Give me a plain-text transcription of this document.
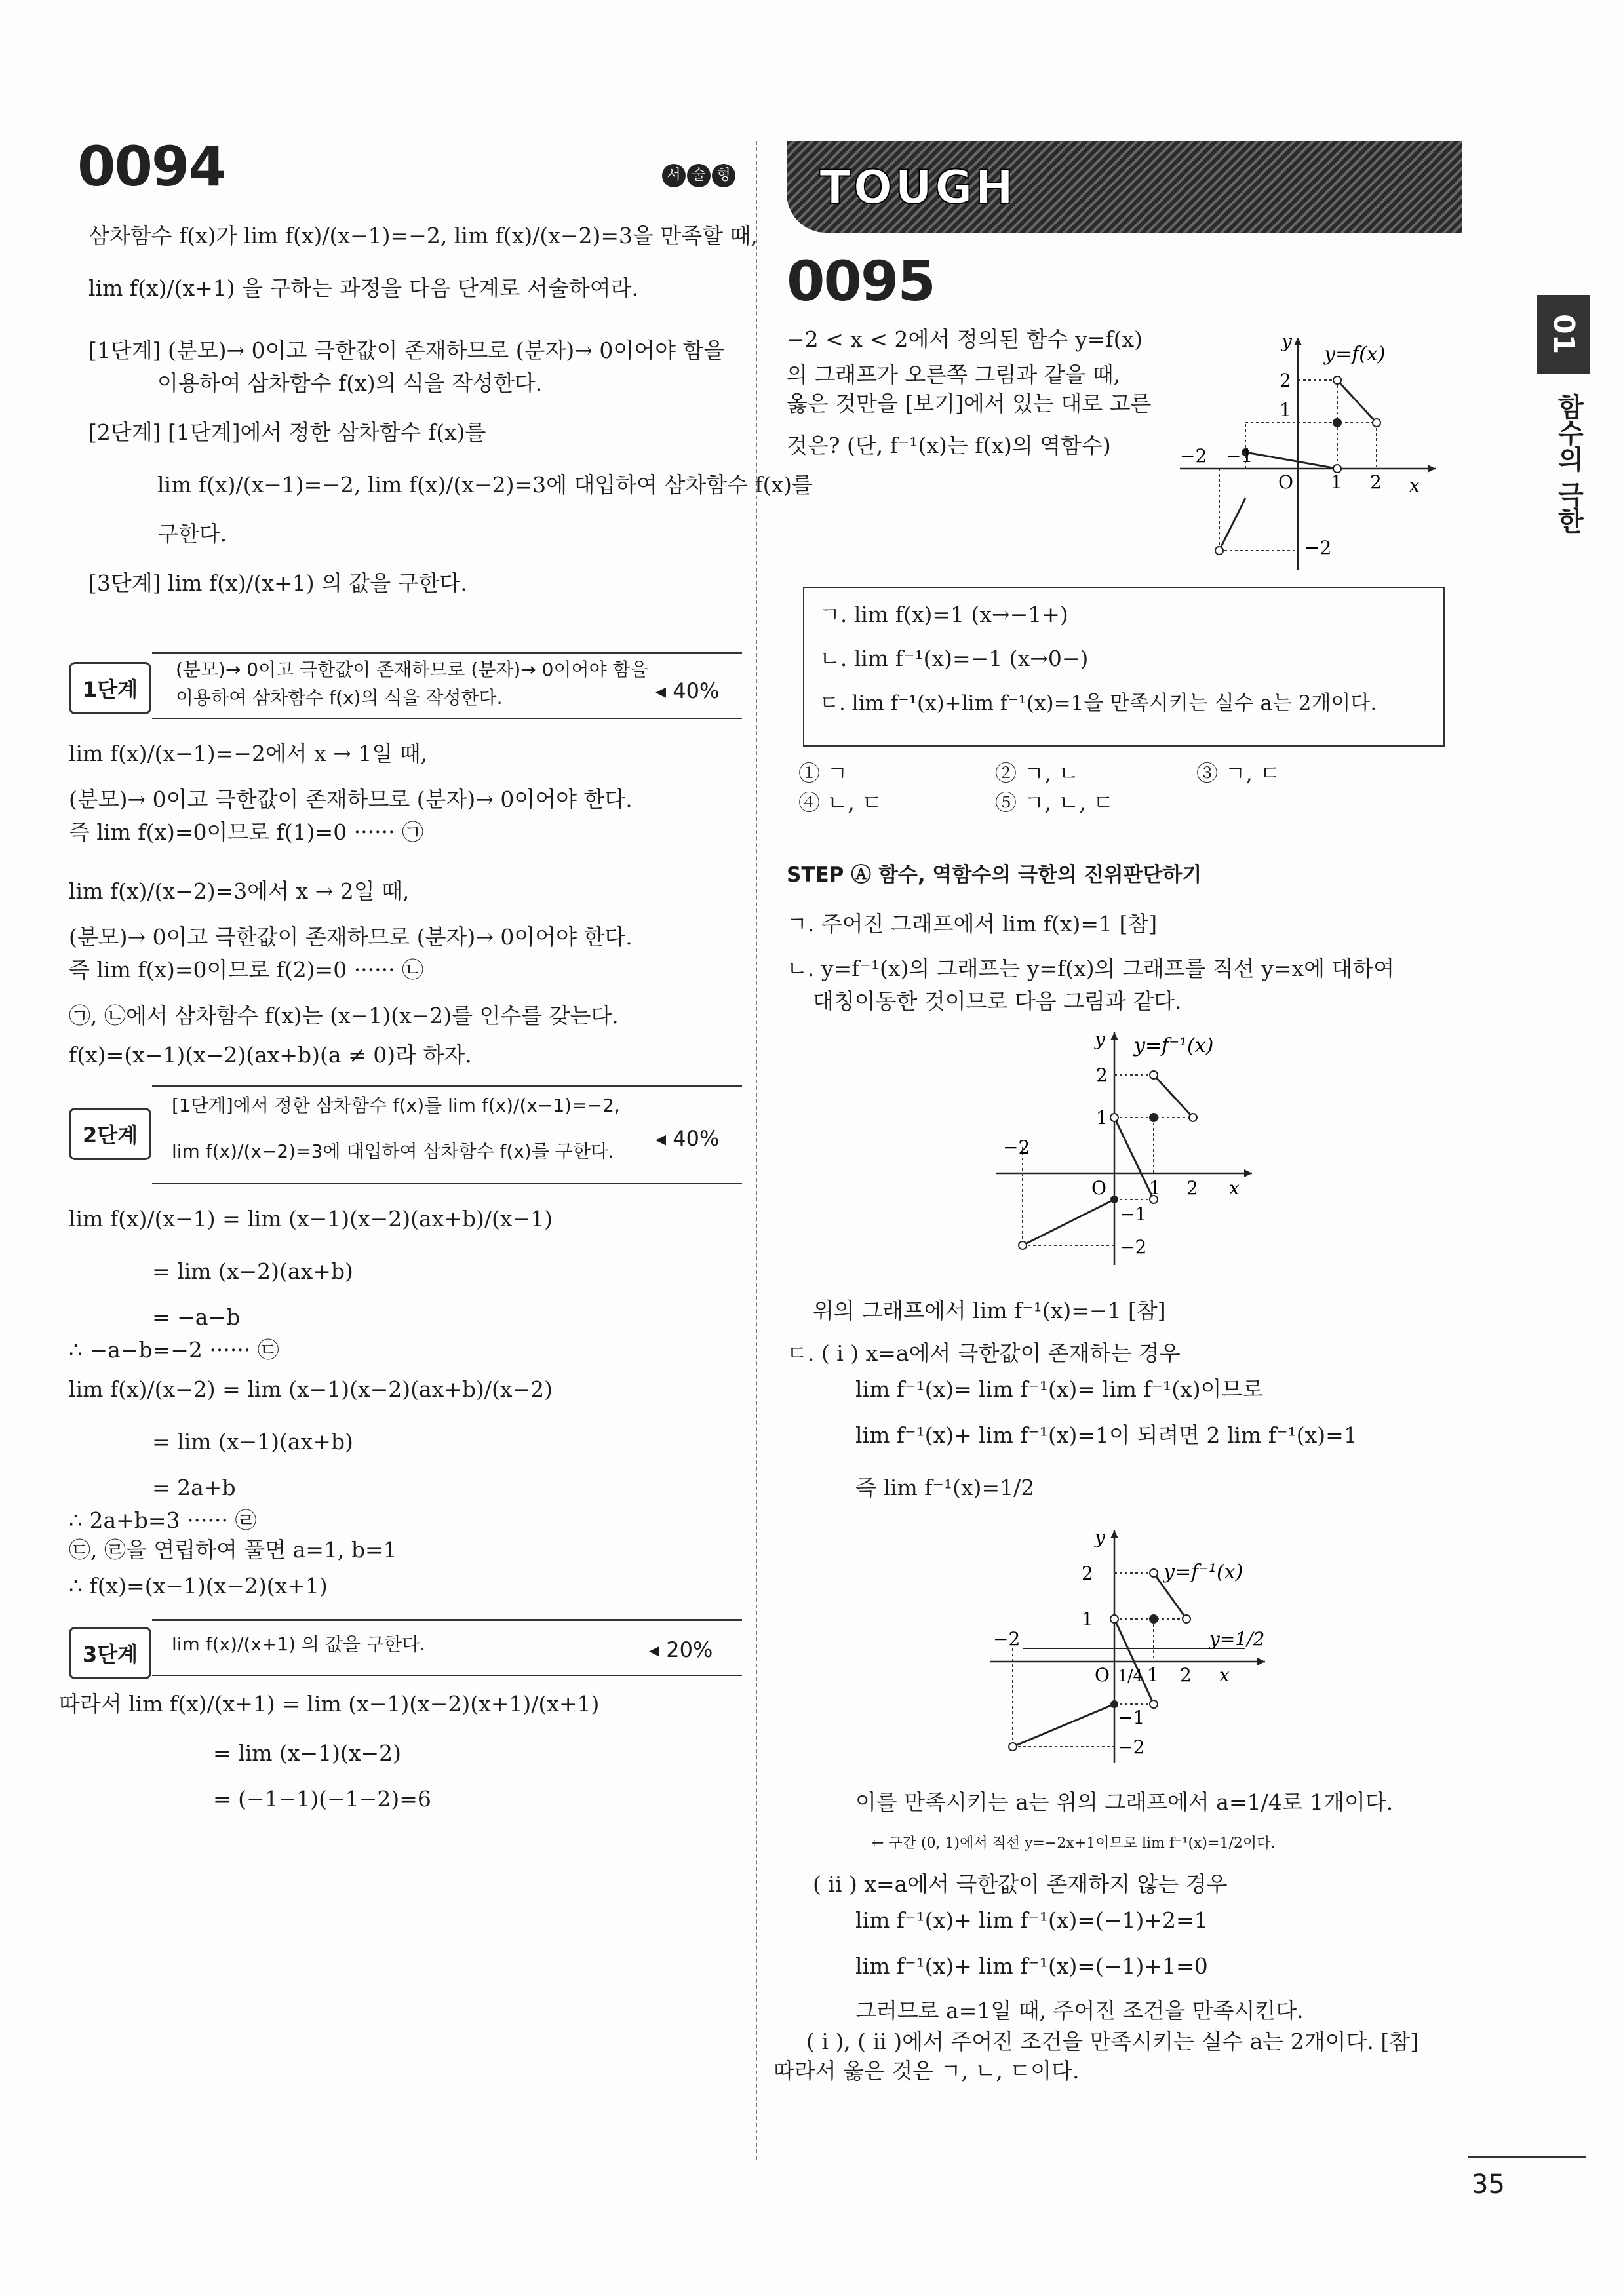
0094	서 술 형
삼차함수 f(x)가 lim f(x)/(x−1)=−2, lim f(x)/(x−2)=3을 만족할 때,
lim f(x)/(x+1) 을 구하는 과정을 다음 단계로 서술하여라.
[1단계] (분모)→ 0이고 극한값이 존재하므로 (분자)→ 0이어야 함을
이용하여 삼차함수 f(x)의 식을 작성한다.
[2단계] [1단계]에서 정한 삼차함수 f(x)를
lim f(x)/(x−1)=−2, lim f(x)/(x−2)=3에 대입하여 삼차함수 f(x)를
구한다.
[3단계] lim f(x)/(x+1) 의 값을 구한다.
1단계
(분모)→ 0이고 극한값이 존재하므로 (분자)→ 0이어야 함을
이용하여 삼차함수 f(x)의 식을 작성한다.	◂ 40%
lim f(x)/(x−1)=−2에서 x → 1일 때,
(분모)→ 0이고 극한값이 존재하므로 (분자)→ 0이어야 한다.
즉 lim f(x)=0이므로 f(1)=0 ······ ㉠
lim f(x)/(x−2)=3에서 x → 2일 때,
(분모)→ 0이고 극한값이 존재하므로 (분자)→ 0이어야 한다.
즉 lim f(x)=0이므로 f(2)=0 ······ ㉡
㉠, ㉡에서 삼차함수 f(x)는 (x−1)(x−2)를 인수를 갖는다.
f(x)=(x−1)(x−2)(ax+b)(a ≠ 0)라 하자.
2단계
[1단계]에서 정한 삼차함수 f(x)를 lim f(x)/(x−1)=−2,
lim f(x)/(x−2)=3에 대입하여 삼차함수 f(x)를 구한다.
◂ 40%
lim f(x)/(x−1) = lim (x−1)(x−2)(ax+b)/(x−1)
= lim (x−2)(ax+b)
= −a−b
∴ −a−b=−2 ······ ㉢
lim f(x)/(x−2) = lim (x−1)(x−2)(ax+b)/(x−2)
= lim (x−1)(ax+b)
= 2a+b
∴ 2a+b=3 ······ ㉣
㉢, ㉣을 연립하여 풀면 a=1, b=1
∴ f(x)=(x−1)(x−2)(x+1)
3단계	lim f(x)/(x+1) 의 값을 구한다.	◂ 20%
따라서 lim f(x)/(x+1) = lim (x−1)(x−2)(x+1)/(x+1)
= lim (x−1)(x−2)
= (−1−1)(−1−2)=6
TOUGH
0095
−2 < x < 2에서 정의된 함수 y=f(x)
의 그래프가 오른쪽 그림과 같을 때,
옳은 것만을 [보기]에서 있는 대로 고른
것은? (단, f⁻¹(x)는 f(x)의 역함수)
y=f(x)
2
1
−2 −1
O 1 2
−2
y
x
ㄱ. lim f(x)=1 (x→−1+)
ㄴ. lim f⁻¹(x)=−1 (x→0−)
ㄷ. lim f⁻¹(x)+lim f⁻¹(x)=1을 만족시키는 실수 a는 2개이다.
① ㄱ	② ㄱ, ㄴ	③ ㄱ, ㄷ
④ ㄴ, ㄷ	⑤ ㄱ, ㄴ, ㄷ
STEP Ⓐ 함수, 역함수의 극한의 진위판단하기
ㄱ. 주어진 그래프에서 lim f(x)=1 [참]
ㄴ. y=f⁻¹(x)의 그래프는 y=f(x)의 그래프를 직선 y=x에 대하여
대칭이동한 것이므로 다음 그림과 같다.
y=f⁻¹(x)
2
1
−2
O 1 2
−1
−2
y
x
위의 그래프에서 lim f⁻¹(x)=−1 [참]
ㄷ. ( i ) x=a에서 극한값이 존재하는 경우
lim f⁻¹(x)= lim f⁻¹(x)= lim f⁻¹(x)이므로
lim f⁻¹(x)+ lim f⁻¹(x)=1이 되려면 2 lim f⁻¹(x)=1
즉 lim f⁻¹(x)=1/2
y=f⁻¹(x)
y=1/2
2
1
−2
O 1/4 1 2
−1
−2
y
x
이를 만족시키는 a는 위의 그래프에서 a=1/4로 1개이다.
← 구간 (0, 1)에서 직선 y=−2x+1이므로 lim f⁻¹(x)=1/2이다.
( ii ) x=a에서 극한값이 존재하지 않는 경우
lim f⁻¹(x)+ lim f⁻¹(x)=(−1)+2=1
lim f⁻¹(x)+ lim f⁻¹(x)=(−1)+1=0
그러므로 a=1일 때, 주어진 조건을 만족시킨다.
( i ), ( ii )에서 주어진 조건을 만족시키는 실수 a는 2개이다. [참]
따라서 옳은 것은 ㄱ, ㄴ, ㄷ이다.
01
함수의 극한
35
